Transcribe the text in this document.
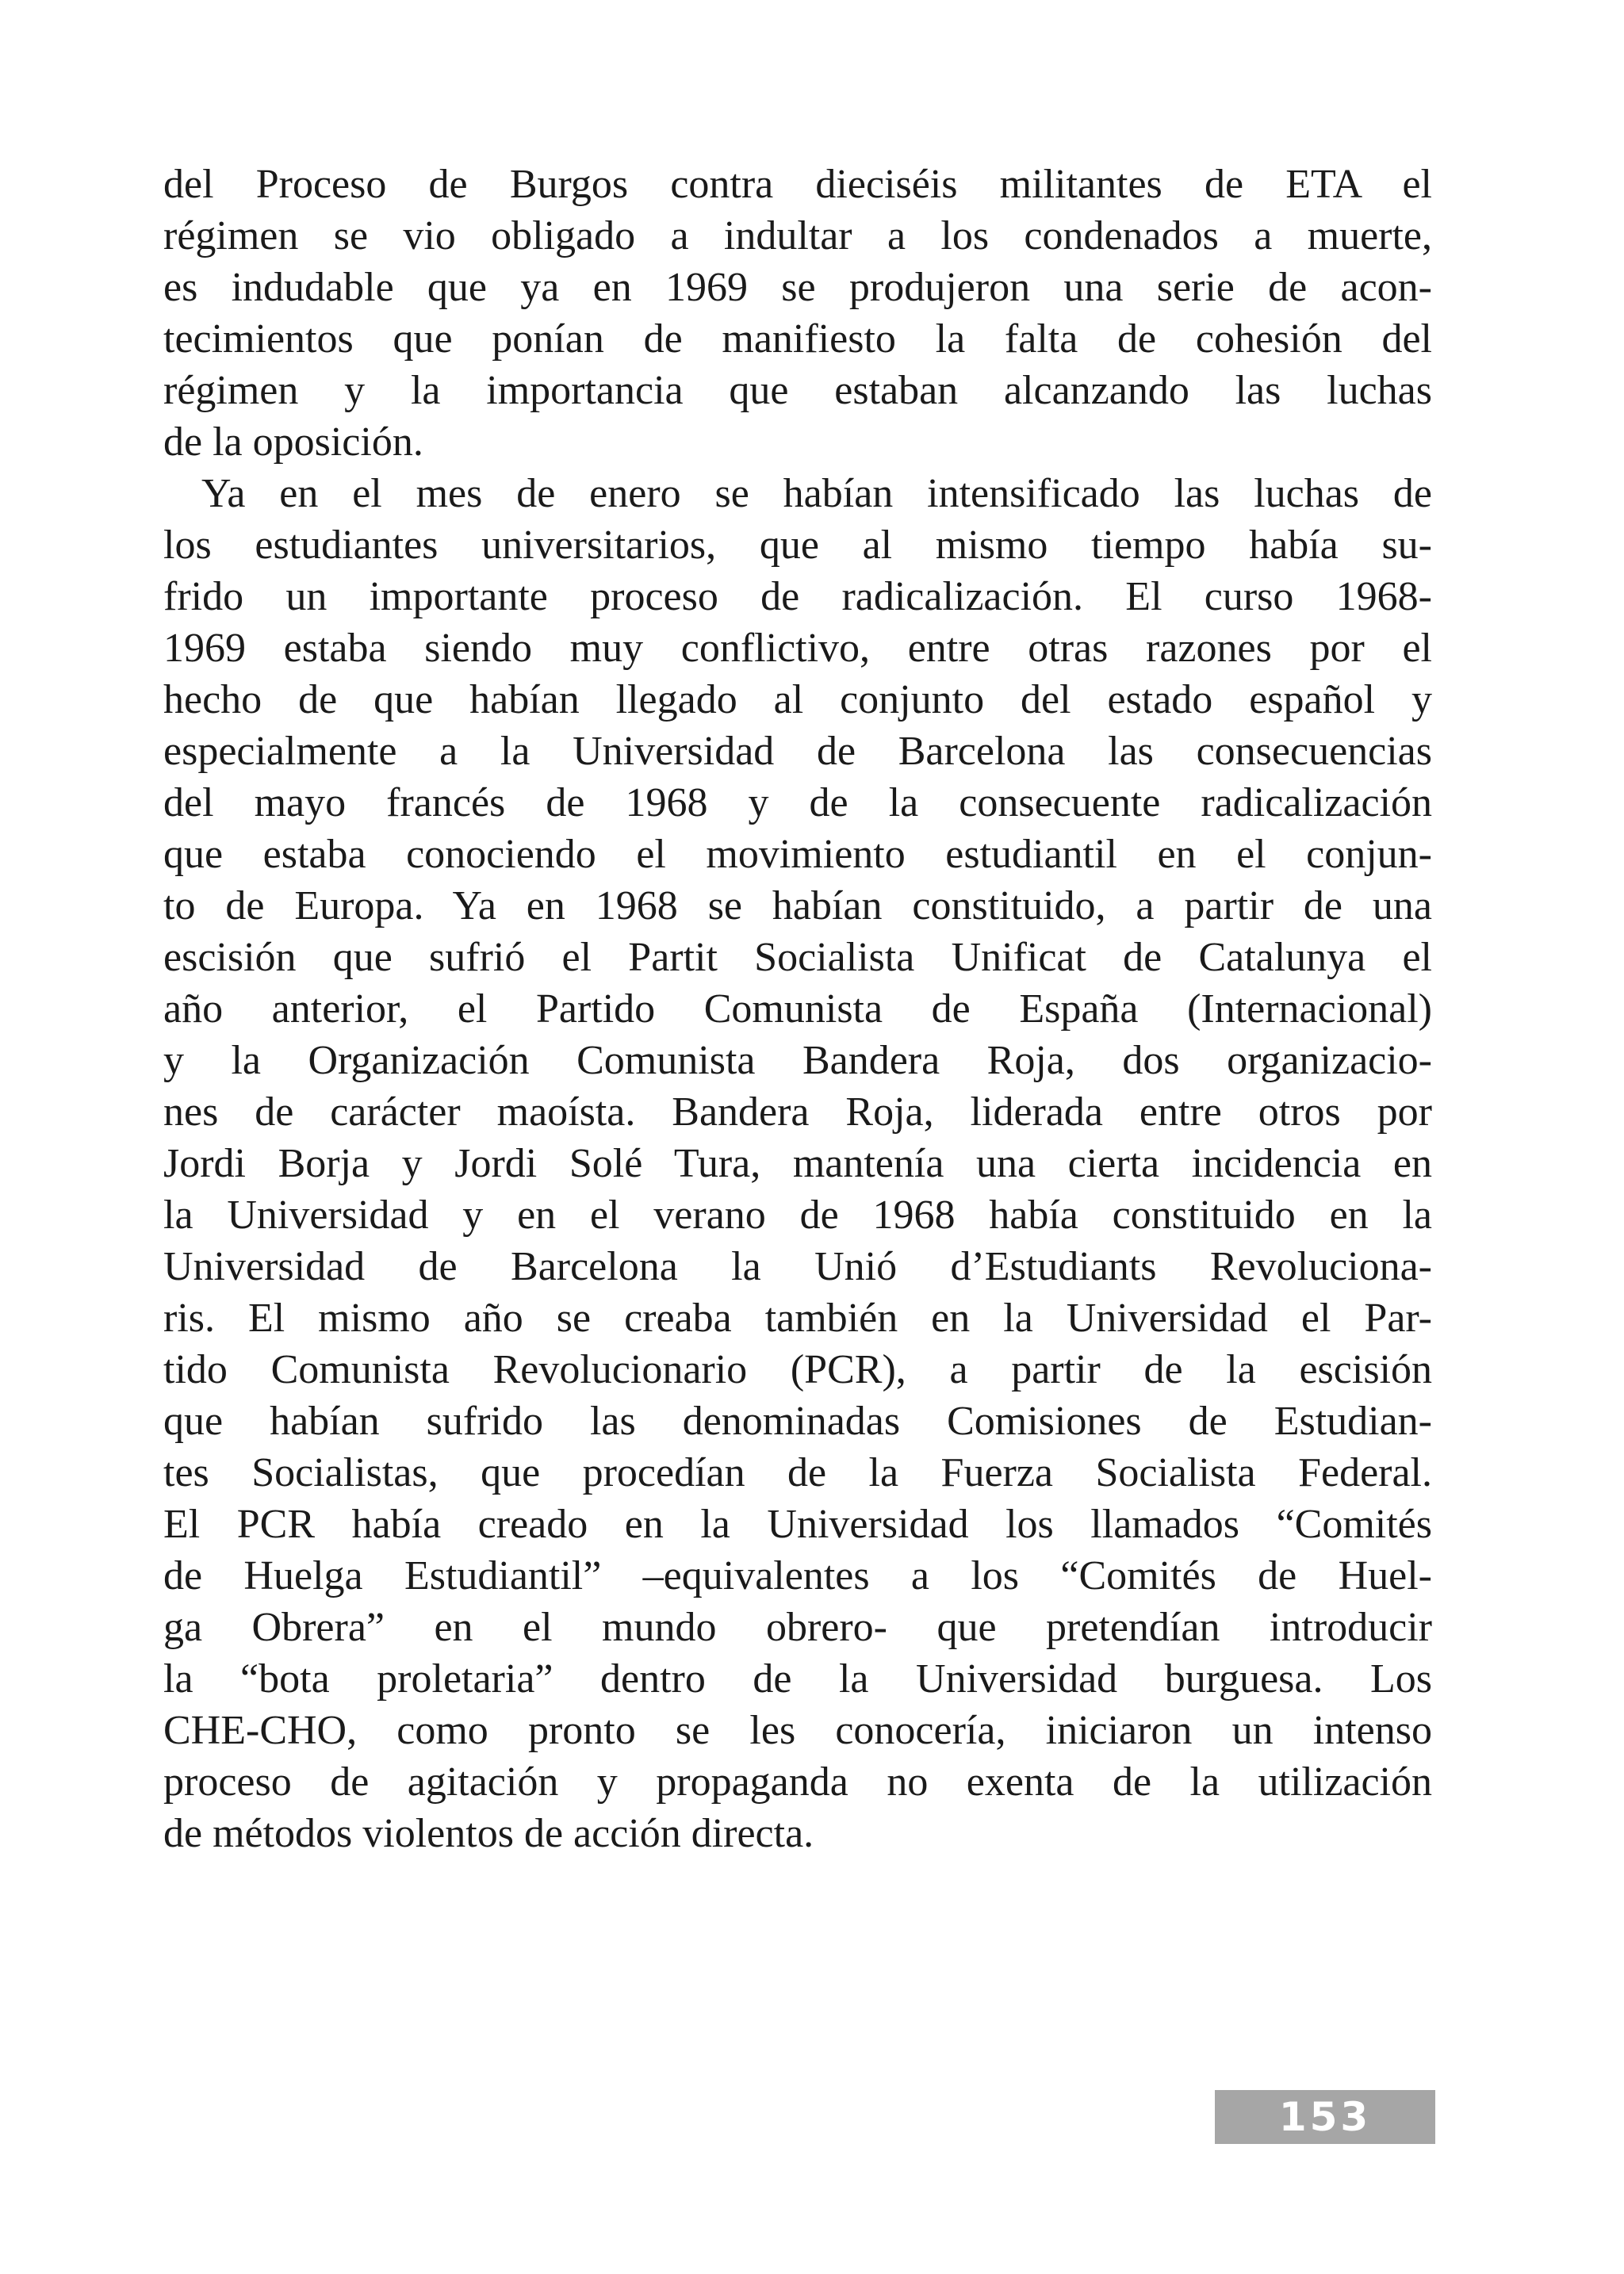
del Proceso de Burgos contra dieciséis militantes de ETA el
régimen se vio obligado a indultar a los condenados a muerte,
es indudable que ya en 1969 se produjeron una serie de acon-
tecimientos que ponían de manifiesto la falta de cohesión del
régimen y la importancia que estaban alcanzando las luchas
de la oposición.
Ya en el mes de enero se habían intensificado las luchas de
los estudiantes universitarios, que al mismo tiempo había su-
frido un importante proceso de radicalización. El curso 1968-
1969 estaba siendo muy conflictivo, entre otras razones por el
hecho de que habían llegado al conjunto del estado español y
especialmente a la Universidad de Barcelona las consecuencias
del mayo francés de 1968 y de la consecuente radicalización
que estaba conociendo el movimiento estudiantil en el conjun-
to de Europa. Ya en 1968 se habían constituido, a partir de una
escisión que sufrió el Partit Socialista Unificat de Catalunya el
año anterior, el Partido Comunista de España (Internacional)
y la Organización Comunista Bandera Roja, dos organizacio-
nes de carácter maoísta. Bandera Roja, liderada entre otros por
Jordi Borja y Jordi Solé Tura, mantenía una cierta incidencia en
la Universidad y en el verano de 1968 había constituido en la
Universidad de Barcelona la Unió d’Estudiants Revoluciona-
ris. El mismo año se creaba también en la Universidad el Par-
tido Comunista Revolucionario (PCR), a partir de la escisión
que habían sufrido las denominadas Comisiones de Estudian-
tes Socialistas, que procedían de la Fuerza Socialista Federal.
El PCR había creado en la Universidad los llamados “Comités
de Huelga Estudiantil” –equivalentes a los “Comités de Huel-
ga Obrera” en el mundo obrero- que pretendían introducir
la “bota proletaria” dentro de la Universidad burguesa. Los
CHE-CHO, como pronto se les conocería, iniciaron un intenso
proceso de agitación y propaganda no exenta de la utilización
de métodos violentos de acción directa.
153
